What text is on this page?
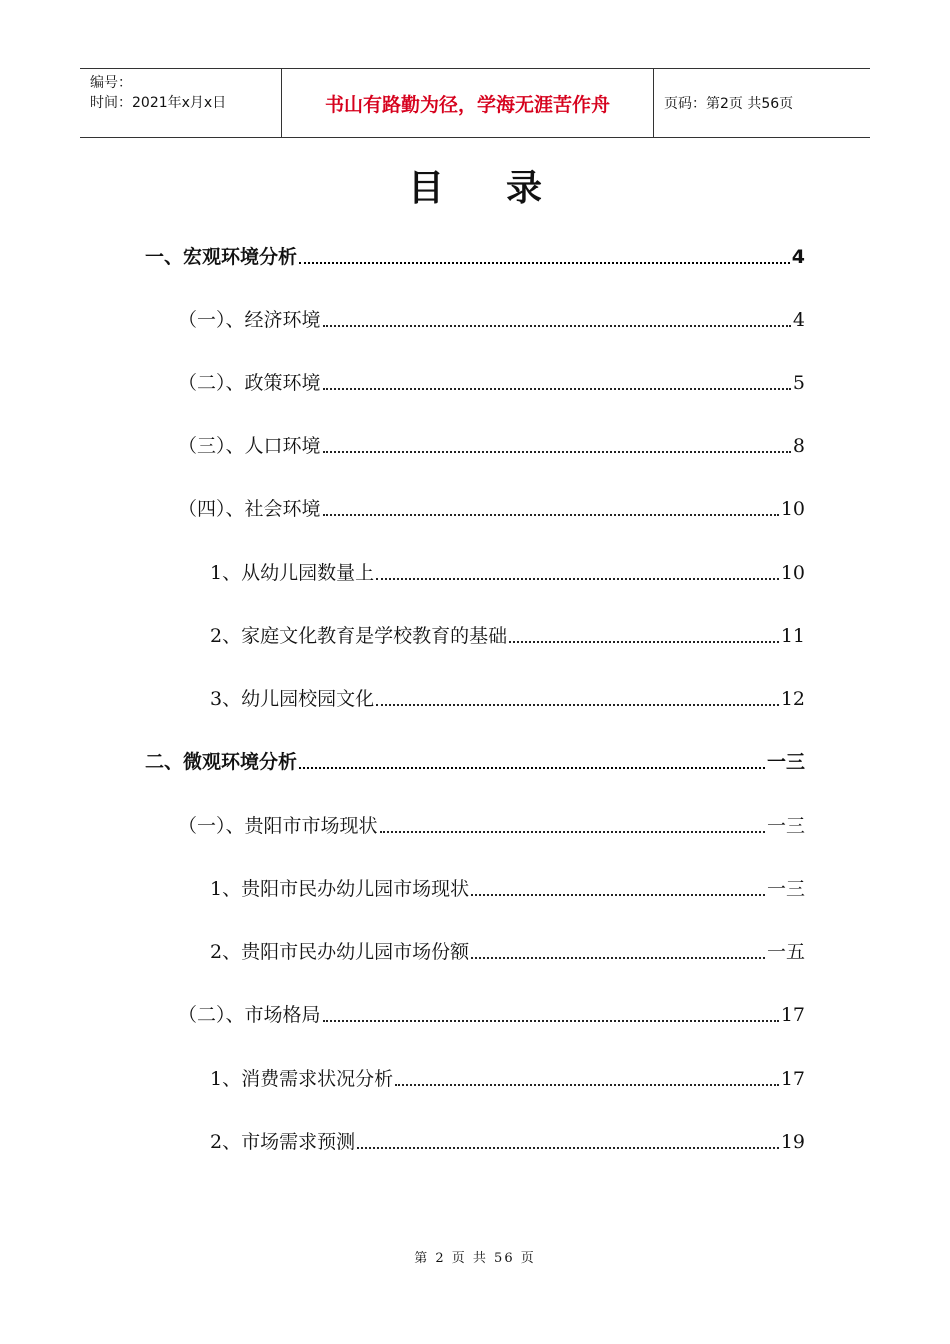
编号：
时间：2021年x月x日	书山有路勤为径，学海无涯苦作舟	页码：第2页 共56页
目录
一、宏观环境分析	4
（一）、经济环境	4
（二）、政策环境	5
（三）、人口环境	8
（四）、社会环境	10
1、从幼儿园数量上	10
2、家庭文化教育是学校教育的基础	11
3、幼儿园校园文化	12
二、微观环境分析	一三
（一）、贵阳市市场现状	一三
1、贵阳市民办幼儿园市场现状	一三
2、贵阳市民办幼儿园市场份额	一五
（二）、市场格局	17
1、消费需求状况分析	17
2、市场需求预测	19
第 2 页 共 56 页
